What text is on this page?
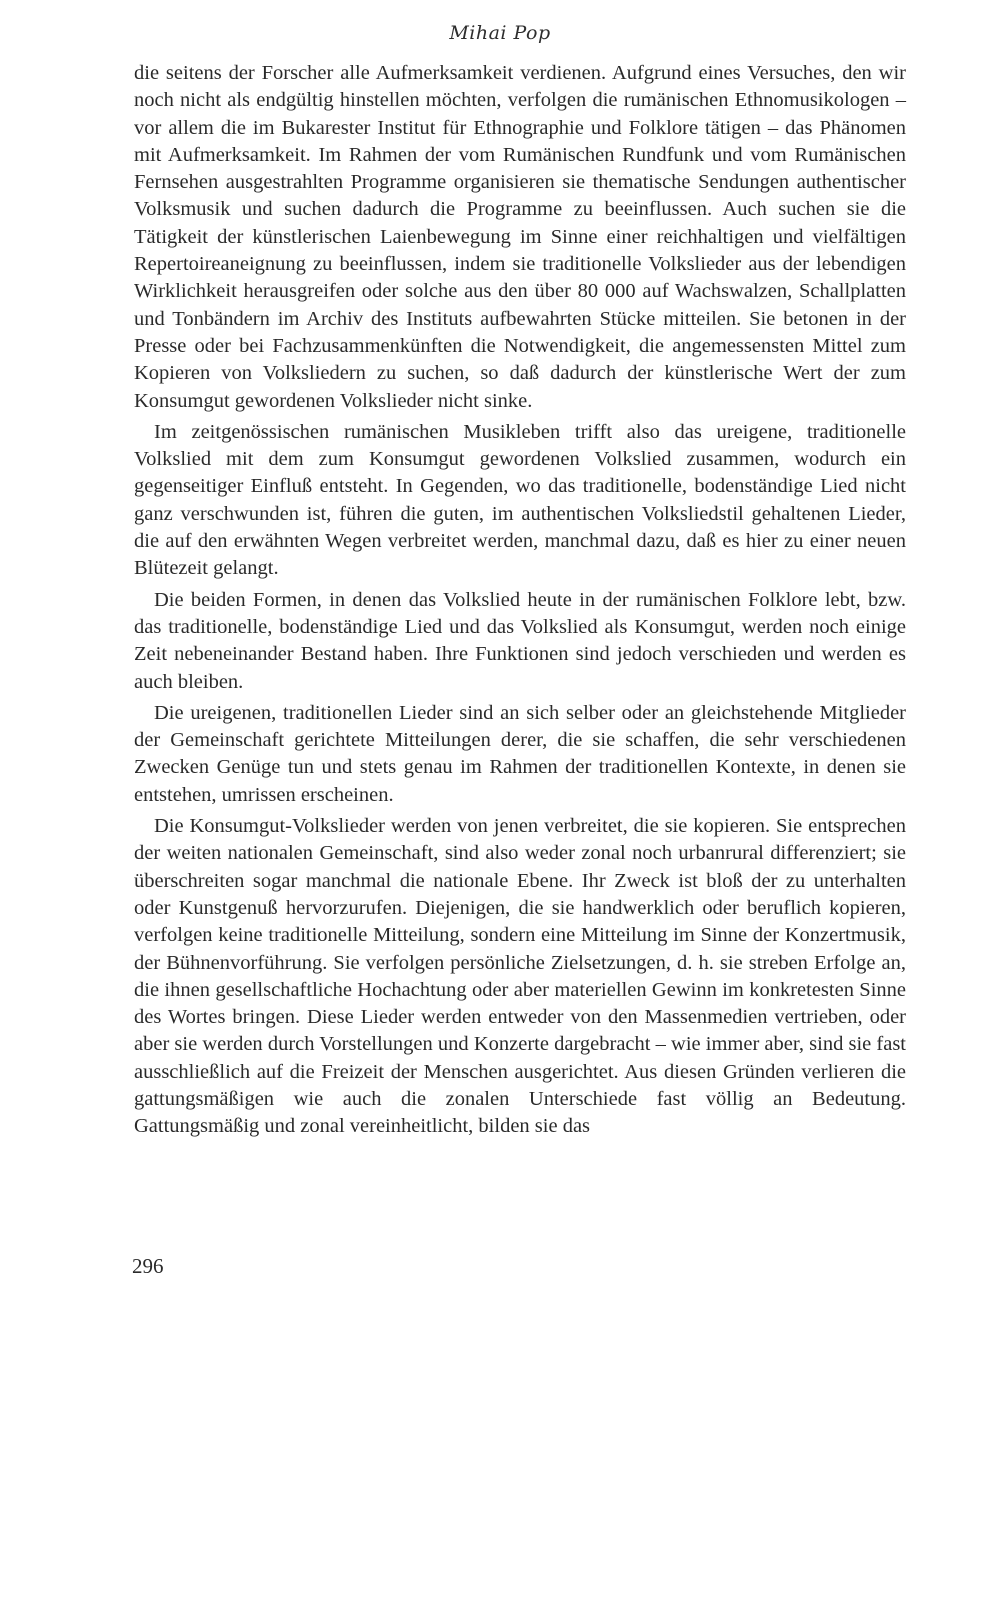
Mihai Pop

die seitens der Forscher alle Aufmerksamkeit verdienen. Aufgrund eines Versuches, den wir noch nicht als endgültig hinstellen möchten, verfolgen die rumänischen Ethnomusikologen – vor allem die im Bukarester Institut für Ethnographie und Folklore tätigen – das Phänomen mit Aufmerksamkeit. Im Rahmen der vom Rumänischen Rundfunk und vom Rumänischen Fernsehen ausgestrahlten Programme organisieren sie thematische Sendungen authentischer Volksmusik und suchen dadurch die Programme zu beeinflussen. Auch suchen sie die Tätigkeit der künstlerischen Laienbewegung im Sinne einer reichhaltigen und vielfältigen Repertoireaneignung zu beeinflussen, indem sie traditionelle Volkslieder aus der lebendigen Wirklichkeit herausgreifen oder solche aus den über 80 000 auf Wachswalzen, Schallplatten und Tonbändern im Archiv des Instituts aufbewahrten Stücke mitteilen. Sie betonen in der Presse oder bei Fachzusammenkünften die Notwendigkeit, die angemessensten Mittel zum Kopieren von Volksliedern zu suchen, so daß dadurch der künstlerische Wert der zum Konsumgut gewordenen Volkslieder nicht sinke.

Im zeitgenössischen rumänischen Musikleben trifft also das ureigene, traditionelle Volkslied mit dem zum Konsumgut gewordenen Volkslied zusammen, wodurch ein gegenseitiger Einfluß entsteht. In Gegenden, wo das traditionelle, bodenständige Lied nicht ganz verschwunden ist, führen die guten, im authentischen Volksliedstil gehaltenen Lieder, die auf den erwähnten Wegen verbreitet werden, manchmal dazu, daß es hier zu einer neuen Blütezeit gelangt.

Die beiden Formen, in denen das Volkslied heute in der rumänischen Folklore lebt, bzw. das traditionelle, bodenständige Lied und das Volkslied als Konsumgut, werden noch einige Zeit nebeneinander Bestand haben. Ihre Funktionen sind jedoch verschieden und werden es auch bleiben.

Die ureigenen, traditionellen Lieder sind an sich selber oder an gleichstehende Mitglieder der Gemeinschaft gerichtete Mitteilungen derer, die sie schaffen, die sehr verschiedenen Zwecken Genüge tun und stets genau im Rahmen der traditionellen Kontexte, in denen sie entstehen, umrissen erscheinen.

Die Konsumgut-Volkslieder werden von jenen verbreitet, die sie kopieren. Sie entsprechen der weiten nationalen Gemeinschaft, sind also weder zonal noch urbanrural differenziert; sie überschreiten sogar manchmal die nationale Ebene. Ihr Zweck ist bloß der zu unterhalten oder Kunstgenuß hervorzurufen. Diejenigen, die sie handwerklich oder beruflich kopieren, verfolgen keine traditionelle Mitteilung, sondern eine Mitteilung im Sinne der Konzertmusik, der Bühnenvorführung. Sie verfolgen persönliche Zielsetzungen, d. h. sie streben Erfolge an, die ihnen gesellschaftliche Hochachtung oder aber materiellen Gewinn im konkretesten Sinne des Wortes bringen. Diese Lieder werden entweder von den Massenmedien vertrieben, oder aber sie werden durch Vorstellungen und Konzerte dargebracht – wie immer aber, sind sie fast ausschließlich auf die Freizeit der Menschen ausgerichtet. Aus diesen Gründen verlieren die gattungsmäßigen wie auch die zonalen Unterschiede fast völlig an Bedeutung. Gattungsmäßig und zonal vereinheitlicht, bilden sie das

296
